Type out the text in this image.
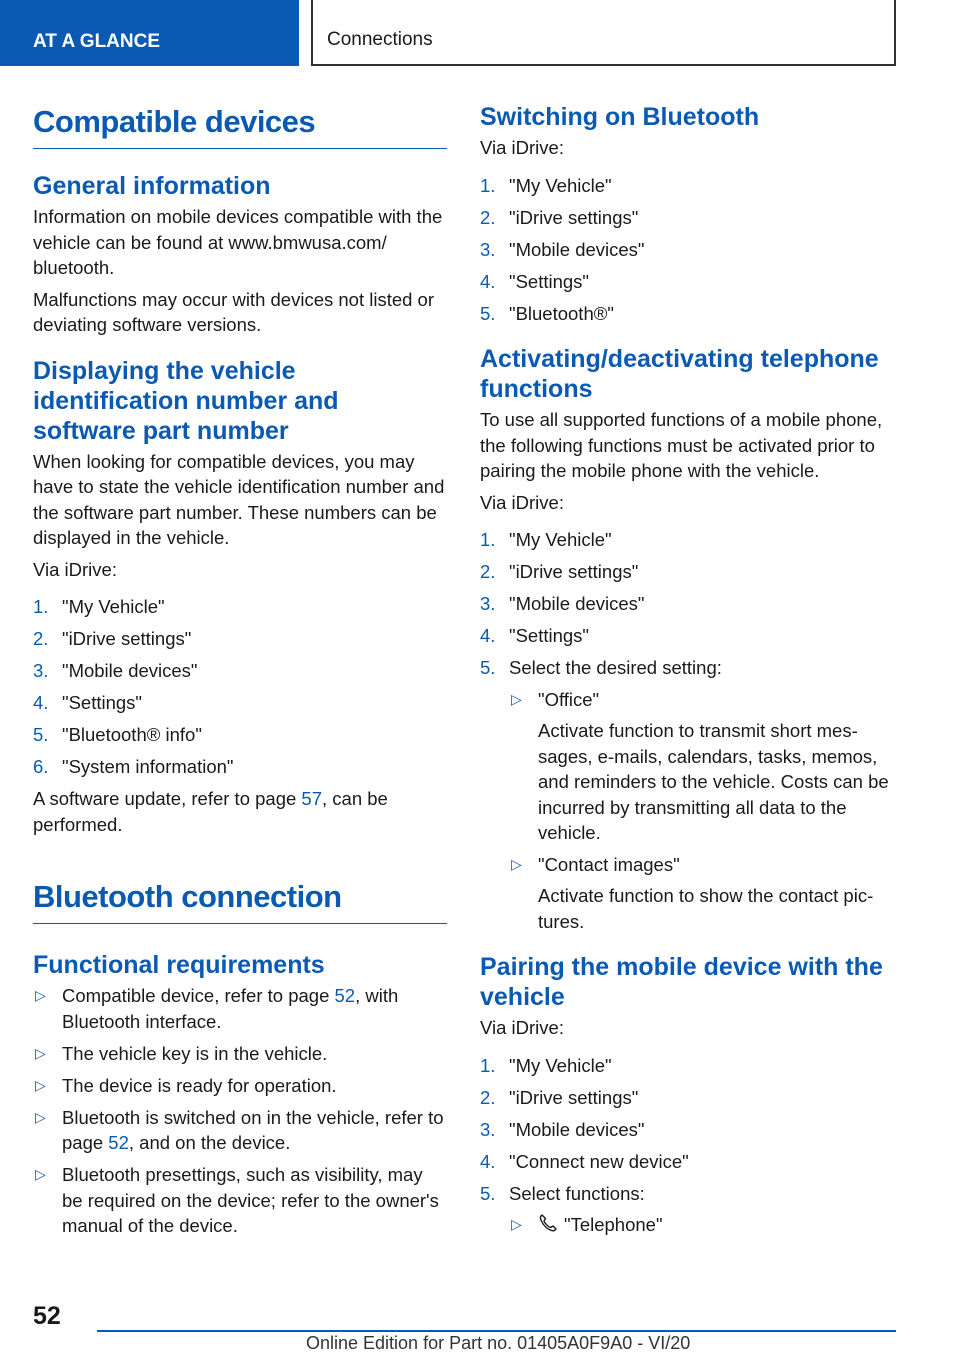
AT A GLANCE	Connections
Compatible devices
General information

Information on mobile devices compatible with the vehicle can be found at www.bmwusa.com/ bluetooth.

Malfunctions may occur with devices not listed or deviating software versions.

Displaying the vehicle identification number and software part number

When looking for compatible devices, you may have to state the vehicle identification number and the software part number. These numbers can be displayed in the vehicle.

Via iDrive:

1. "My Vehicle"
2. "iDrive settings"
3. "Mobile devices"
4. "Settings"
5. "Bluetooth® info"
6. "System information"

A software update, refer to page 57, can be performed.

Bluetooth connection
Functional requirements
▷ Compatible device, refer to page 52, with Bluetooth interface.
▷ The vehicle key is in the vehicle.
▷ The device is ready for operation.
▷ Bluetooth is switched on in the vehicle, refer to page 52, and on the device.
▷ Bluetooth presettings, such as visibility, may be required on the device; refer to the owner's manual of the device.
Switching on Bluetooth

Via iDrive:

1. "My Vehicle"
2. "iDrive settings"
3. "Mobile devices"
4. "Settings"
5. "Bluetooth®"
Activating/deactivating telephone functions

To use all supported functions of a mobile phone, the following functions must be activated prior to pairing the mobile phone with the vehicle.

Via iDrive:

1. "My Vehicle"
2. "iDrive settings"
3. "Mobile devices"
4. "Settings"
5. Select the desired setting:
▷ "Office"
Activate function to transmit short messages, e-mails, calendars, tasks, memos, and reminders to the vehicle. Costs can be incurred by transmitting all data to the vehicle.
▷ "Contact images"
Activate function to show the contact pictures.
Pairing the mobile device with the vehicle

Via iDrive:

1. "My Vehicle"
2. "iDrive settings"
3. "Mobile devices"
4. "Connect new device"
5. Select functions:
▷ "Telephone"
52
Online Edition for Part no. 01405A0F9A0 - VI/20
